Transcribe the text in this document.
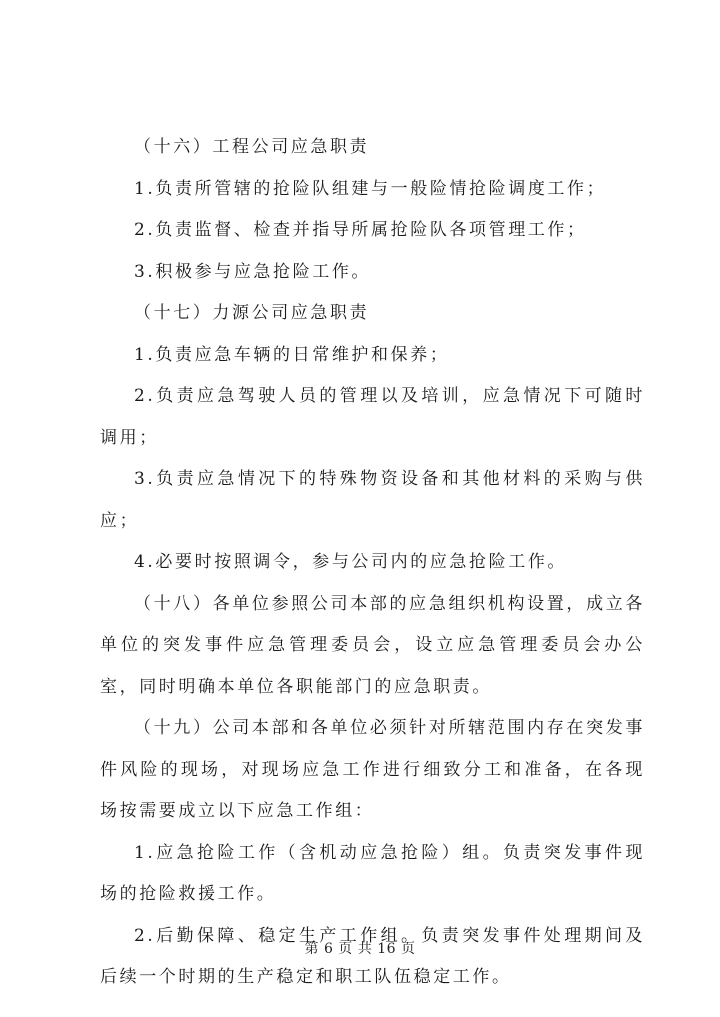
（十六）工程公司应急职责

1.负责所管辖的抢险队组建与一般险情抢险调度工作；

2.负责监督、检查并指导所属抢险队各项管理工作；

3.积极参与应急抢险工作。

（十七）力源公司应急职责

1.负责应急车辆的日常维护和保养；

2.负责应急驾驶人员的管理以及培训，应急情况下可随时调用；

3.负责应急情况下的特殊物资设备和其他材料的采购与供应；

4.必要时按照调令，参与公司内的应急抢险工作。

（十八）各单位参照公司本部的应急组织机构设置，成立各单位的突发事件应急管理委员会，设立应急管理委员会办公室，同时明确本单位各职能部门的应急职责。

（十九）公司本部和各单位必须针对所辖范围内存在突发事件风险的现场，对现场应急工作进行细致分工和准备，在各现场按需要成立以下应急工作组：

1.应急抢险工作（含机动应急抢险）组。负责突发事件现场的抢险救援工作。

2.后勤保障、稳定生产工作组。负责突发事件处理期间及后续一个时期的生产稳定和职工队伍稳定工作。

第 6 页 共 16 页
